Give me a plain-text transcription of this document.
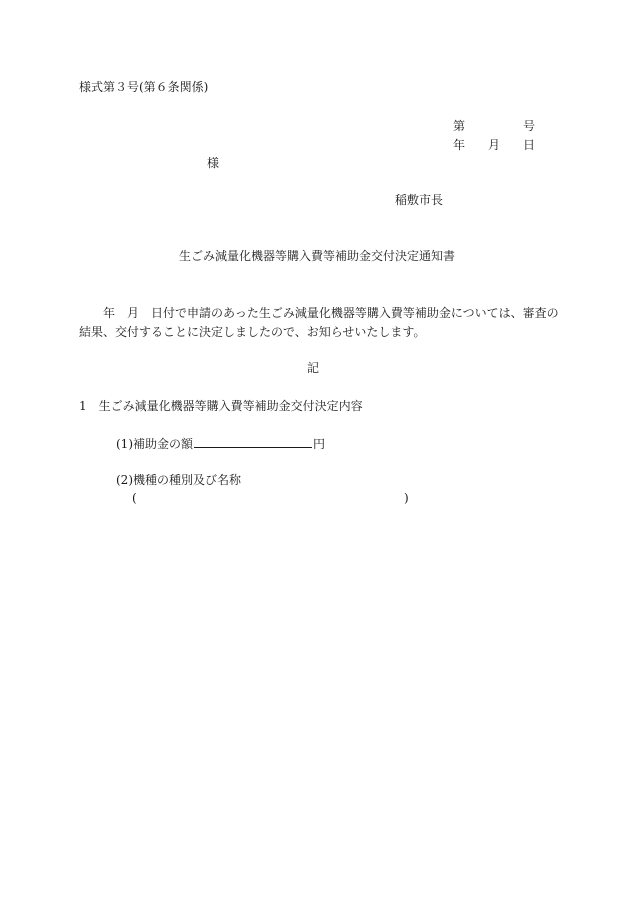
様式第３号(第６条関係)
第	号
年 月 日
様
稲敷市長
生ごみ減量化機器等購入費等補助金交付決定通知書
年 月 日付で申請のあった生ごみ減量化機器等購入費等補助金については、審査の
結果、交付することに決定しましたので、お知らせいたします。
記
1　生ごみ減量化機器等購入費等補助金交付決定内容
(1)補助金の額	円
(2)機種の種別及び名称
(	)
